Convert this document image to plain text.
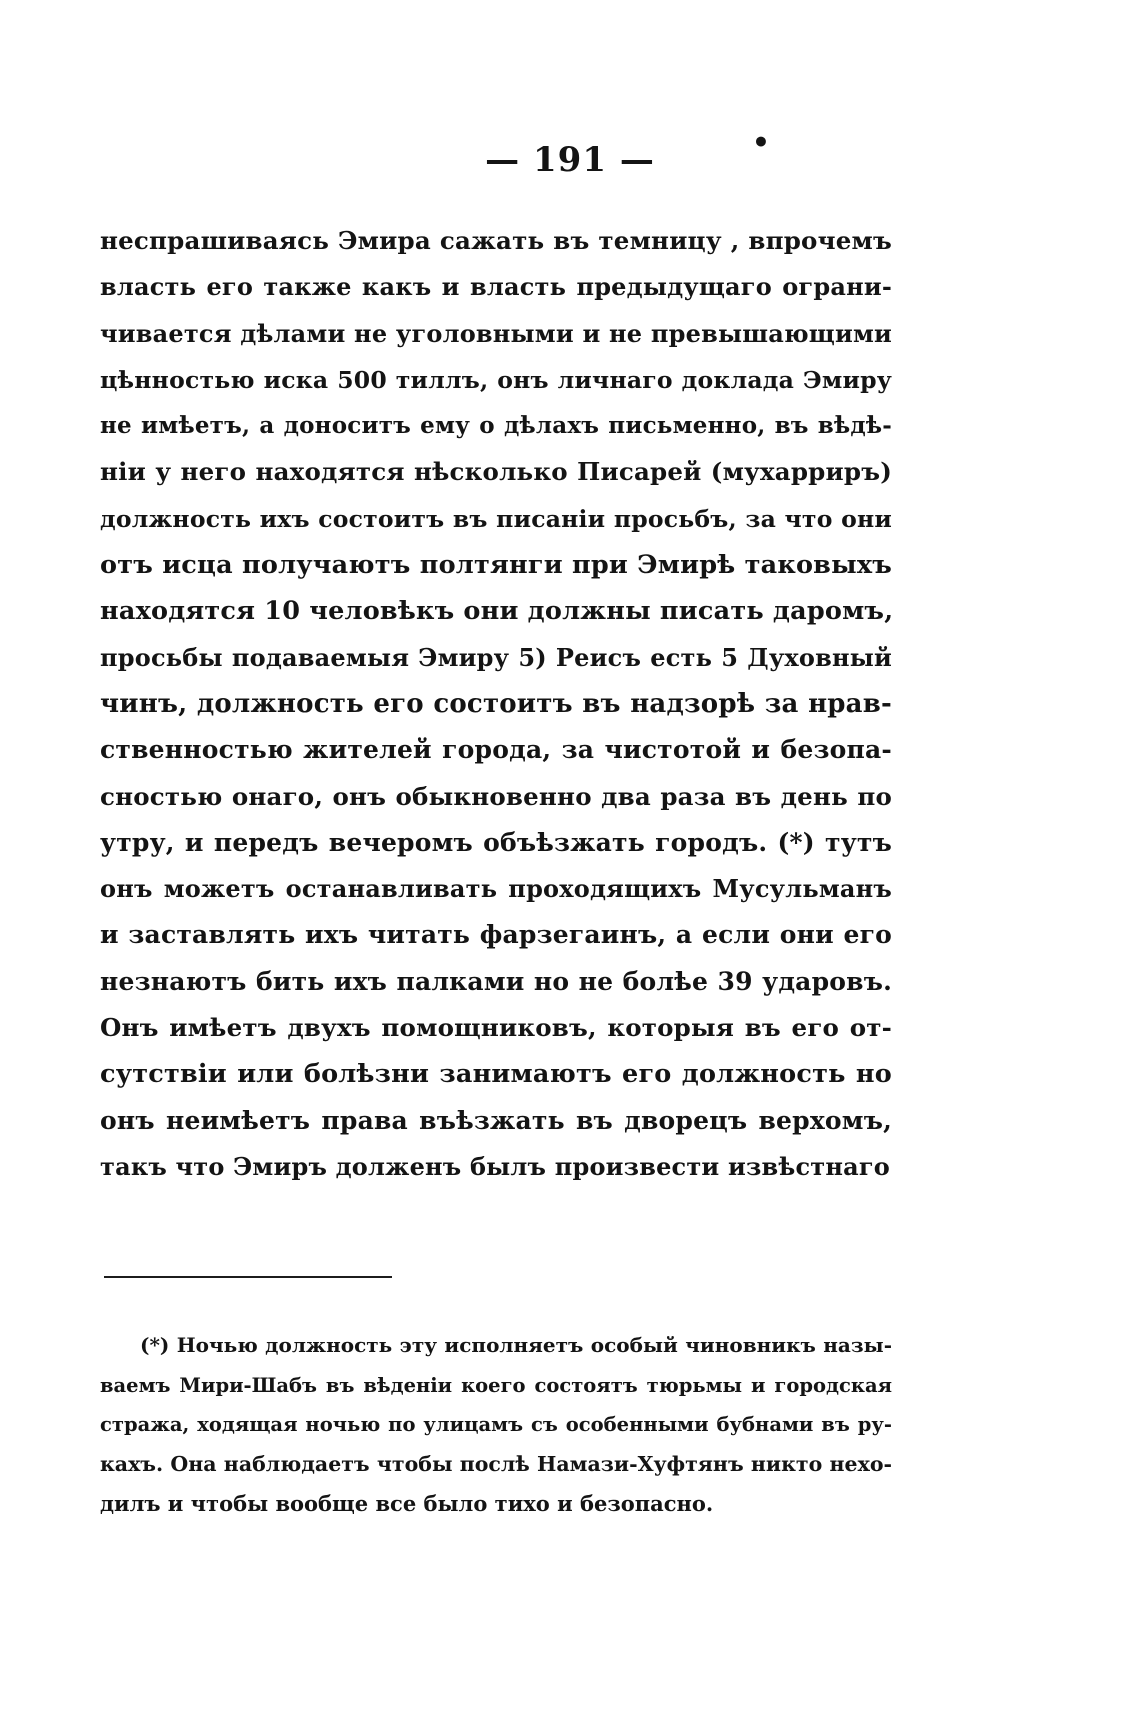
— 191 —	•
неспрашиваясь Эмира сажать въ темницу , впрочемъ
власть его также какъ и власть предыдущаго ограни-
чивается дѣлами не уголовными и не превышающими
цѣнностью иска 500 тиллъ, онъ личнаго доклада Эмиру
не имѣетъ, а доноситъ ему о дѣлахъ письменно, въ вѣдѣ-
ніи у него находятся нѣсколько Писарей (мухарриръ)
должность ихъ состоитъ въ писаніи просьбъ, за что они
отъ исца получаютъ полтянги при Эмирѣ таковыхъ
находятся 10 человѣкъ они должны писать даромъ,
просьбы подаваемыя Эмиру 5) Реисъ есть 5 Духовный
чинъ, должность его состоитъ въ надзорѣ за нрав-
ственностью жителей города, за чистотой и безопа-
сностью онаго, онъ обыкновенно два раза въ день по
утру, и передъ вечеромъ объѣзжать городъ. (*) тутъ
онъ можетъ останавливать проходящихъ Мусульманъ
и заставлять ихъ читать фарзегаинъ, а если они его
незнаютъ бить ихъ палками но не болѣе 39 ударовъ.
Онъ имѣетъ двухъ помощниковъ, которыя въ его от-
сутствіи или болѣзни занимаютъ его должность но
онъ неимѣетъ права въѣзжать въ дворецъ верхомъ,
такъ что Эмиръ долженъ былъ произвести извѣстнаго
(*) Ночью должность эту исполняетъ особый чиновникъ назы-
ваемъ Мири-Шабъ въ вѣденіи коего состоятъ тюрьмы и городская
стража, ходящая ночью по улицамъ съ особенными бубнами въ ру-
кахъ. Она наблюдаетъ чтобы послѣ Намази-Хуфтянъ никто нехо-
дилъ и чтобы вообще все было тихо и безопасно.
